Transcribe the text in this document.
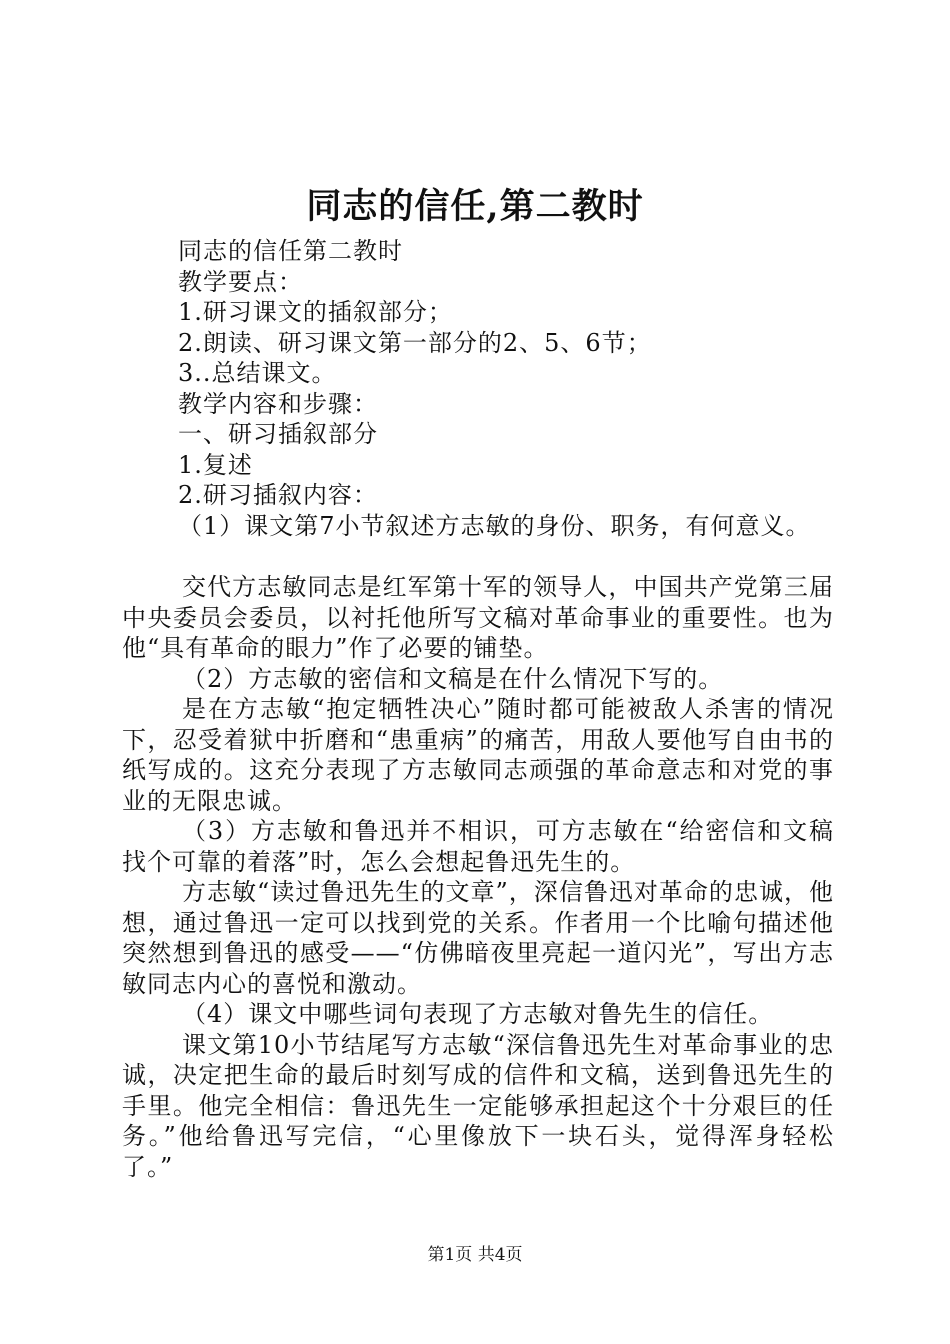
同志的信任,第二教时

同志的信任第二教时

教学要点：

1.研习课文的插叙部分；

2.朗读、研习课文第一部分的2、5、6节；

3..总结课文。

教学内容和步骤：

一、研习插叙部分

1.复述

2.研习插叙内容：

（1）课文第7小节叙述方志敏的身份、职务，有何意义。

交代方志敏同志是红军第十军的领导人，中国共产党第三届中央委员会委员，以衬托他所写文稿对革命事业的重要性。也为他“具有革命的眼力”作了必要的铺垫。

（2）方志敏的密信和文稿是在什么情况下写的。

是在方志敏“抱定牺牲决心”随时都可能被敌人杀害的情况下，忍受着狱中折磨和“患重病”的痛苦，用敌人要他写自由书的纸写成的。这充分表现了方志敏同志顽强的革命意志和对党的事业的无限忠诚。

（3）方志敏和鲁迅并不相识，可方志敏在“给密信和文稿找个可靠的着落”时，怎么会想起鲁迅先生的。

方志敏“读过鲁迅先生的文章”，深信鲁迅对革命的忠诚，他想，通过鲁迅一定可以找到党的关系。作者用一个比喻句描述他突然想到鲁迅的感受——“仿佛暗夜里亮起一道闪光”，写出方志敏同志内心的喜悦和激动。

（4）课文中哪些词句表现了方志敏对鲁先生的信任。

课文第10小节结尾写方志敏“深信鲁迅先生对革命事业的忠诚，决定把生命的最后时刻写成的信件和文稿，送到鲁迅先生的手里。他完全相信：鲁迅先生一定能够承担起这个十分艰巨的任务。”他给鲁迅写完信，“心里像放下一块石头，觉得浑身轻松了。”

第1页 共4页
